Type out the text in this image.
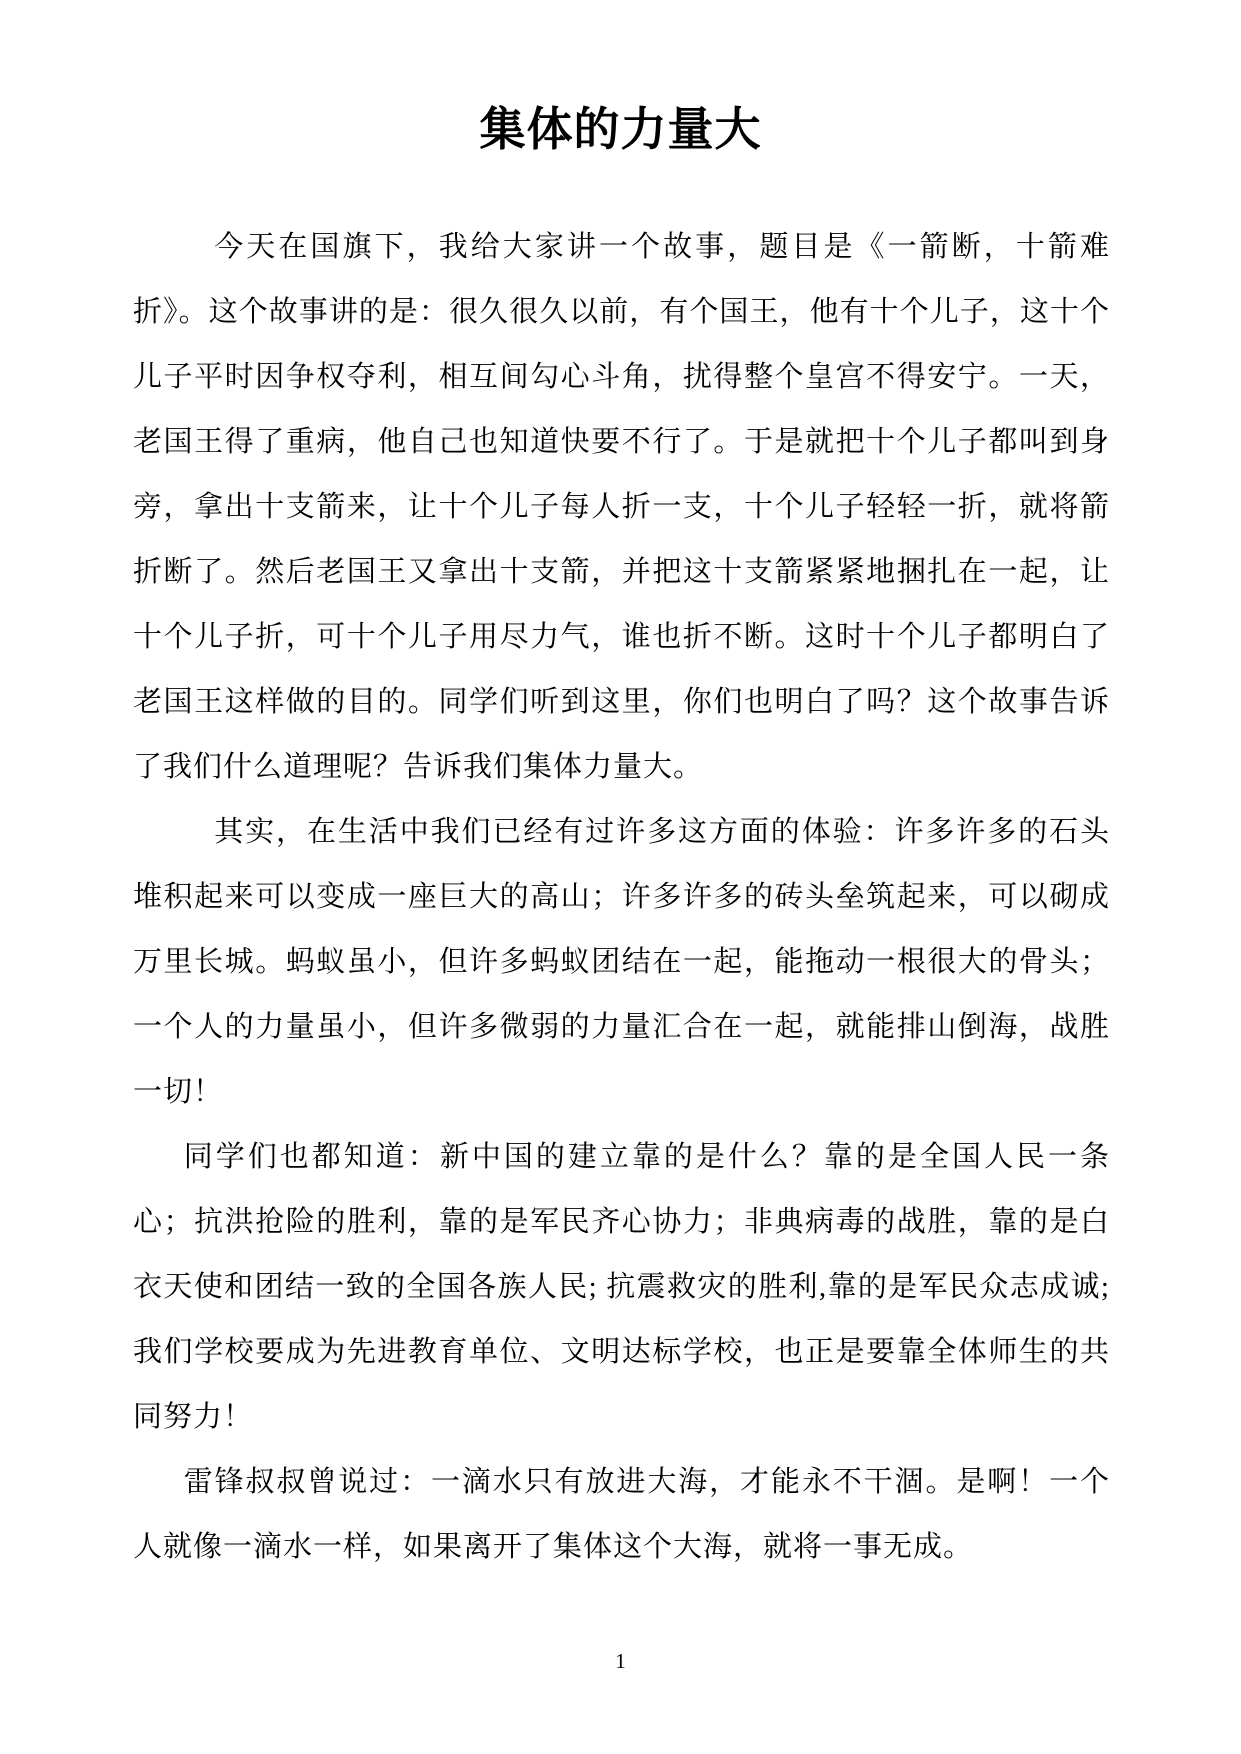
集体的力量大

今天在国旗下，我给大家讲一个故事，题目是《一箭断，十箭难折》。这个故事讲的是：很久很久以前，有个国王，他有十个儿子，这十个儿子平时因争权夺利，相互间勾心斗角，扰得整个皇宫不得安宁。一天，老国王得了重病，他自己也知道快要不行了。于是就把十个儿子都叫到身旁，拿出十支箭来，让十个儿子每人折一支，十个儿子轻轻一折，就将箭折断了。然后老国王又拿出十支箭，并把这十支箭紧紧地捆扎在一起，让十个儿子折，可十个儿子用尽力气，谁也折不断。这时十个儿子都明白了老国王这样做的目的。同学们听到这里，你们也明白了吗？这个故事告诉了我们什么道理呢？告诉我们集体力量大。

其实，在生活中我们已经有过许多这方面的体验：许多许多的石头堆积起来可以变成一座巨大的高山；许多许多的砖头垒筑起来，可以砌成万里长城。蚂蚁虽小，但许多蚂蚁团结在一起，能拖动一根很大的骨头；一个人的力量虽小，但许多微弱的力量汇合在一起，就能排山倒海，战胜一切！

同学们也都知道：新中国的建立靠的是什么？靠的是全国人民一条心；抗洪抢险的胜利，靠的是军民齐心协力；非典病毒的战胜，靠的是白衣天使和团结一致的全国各族人民; 抗震救灾的胜利,靠的是军民众志成诚;我们学校要成为先进教育单位、文明达标学校，也正是要靠全体师生的共同努力！

雷锋叔叔曾说过：一滴水只有放进大海，才能永不干涸。是啊！一个人就像一滴水一样，如果离开了集体这个大海，就将一事无成。

1
